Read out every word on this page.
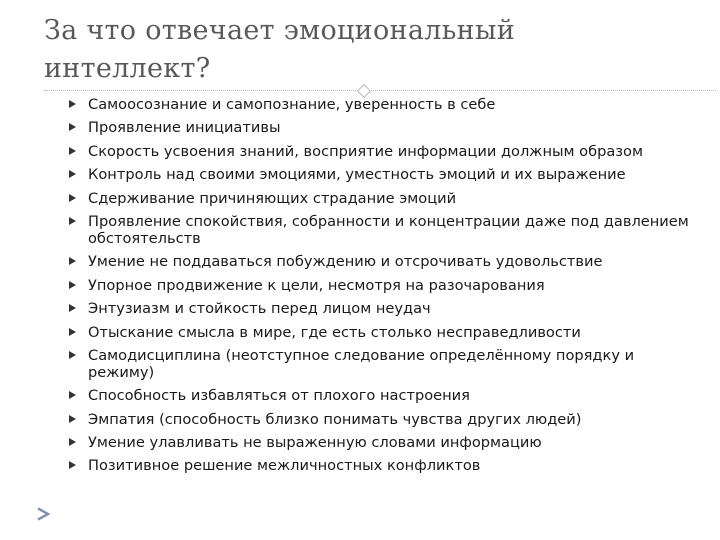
За что отвечает эмоциональный интеллект?
Самоосознание и самопознание, уверенность в себе
Проявление инициативы
Скорость усвоения знаний, восприятие информации должным образом
Контроль над своими эмоциями, уместность эмоций и их выражение
Сдерживание причиняющих страдание эмоций
Проявление спокойствия, собранности и концентрации даже под давлением обстоятельств
Умение не поддаваться побуждению и отсрочивать удовольствие
Упорное продвижение к цели, несмотря на разочарования
Энтузиазм и стойкость перед лицом неудач
Отыскание смысла в мире, где есть столько несправедливости
Самодисциплина (неотступное следование определённому порядку и режиму)
Способность избавляться от плохого настроения
Эмпатия (способность близко понимать чувства других людей)
Умение улавливать не выраженную словами информацию
Позитивное решение межличностных конфликтов
